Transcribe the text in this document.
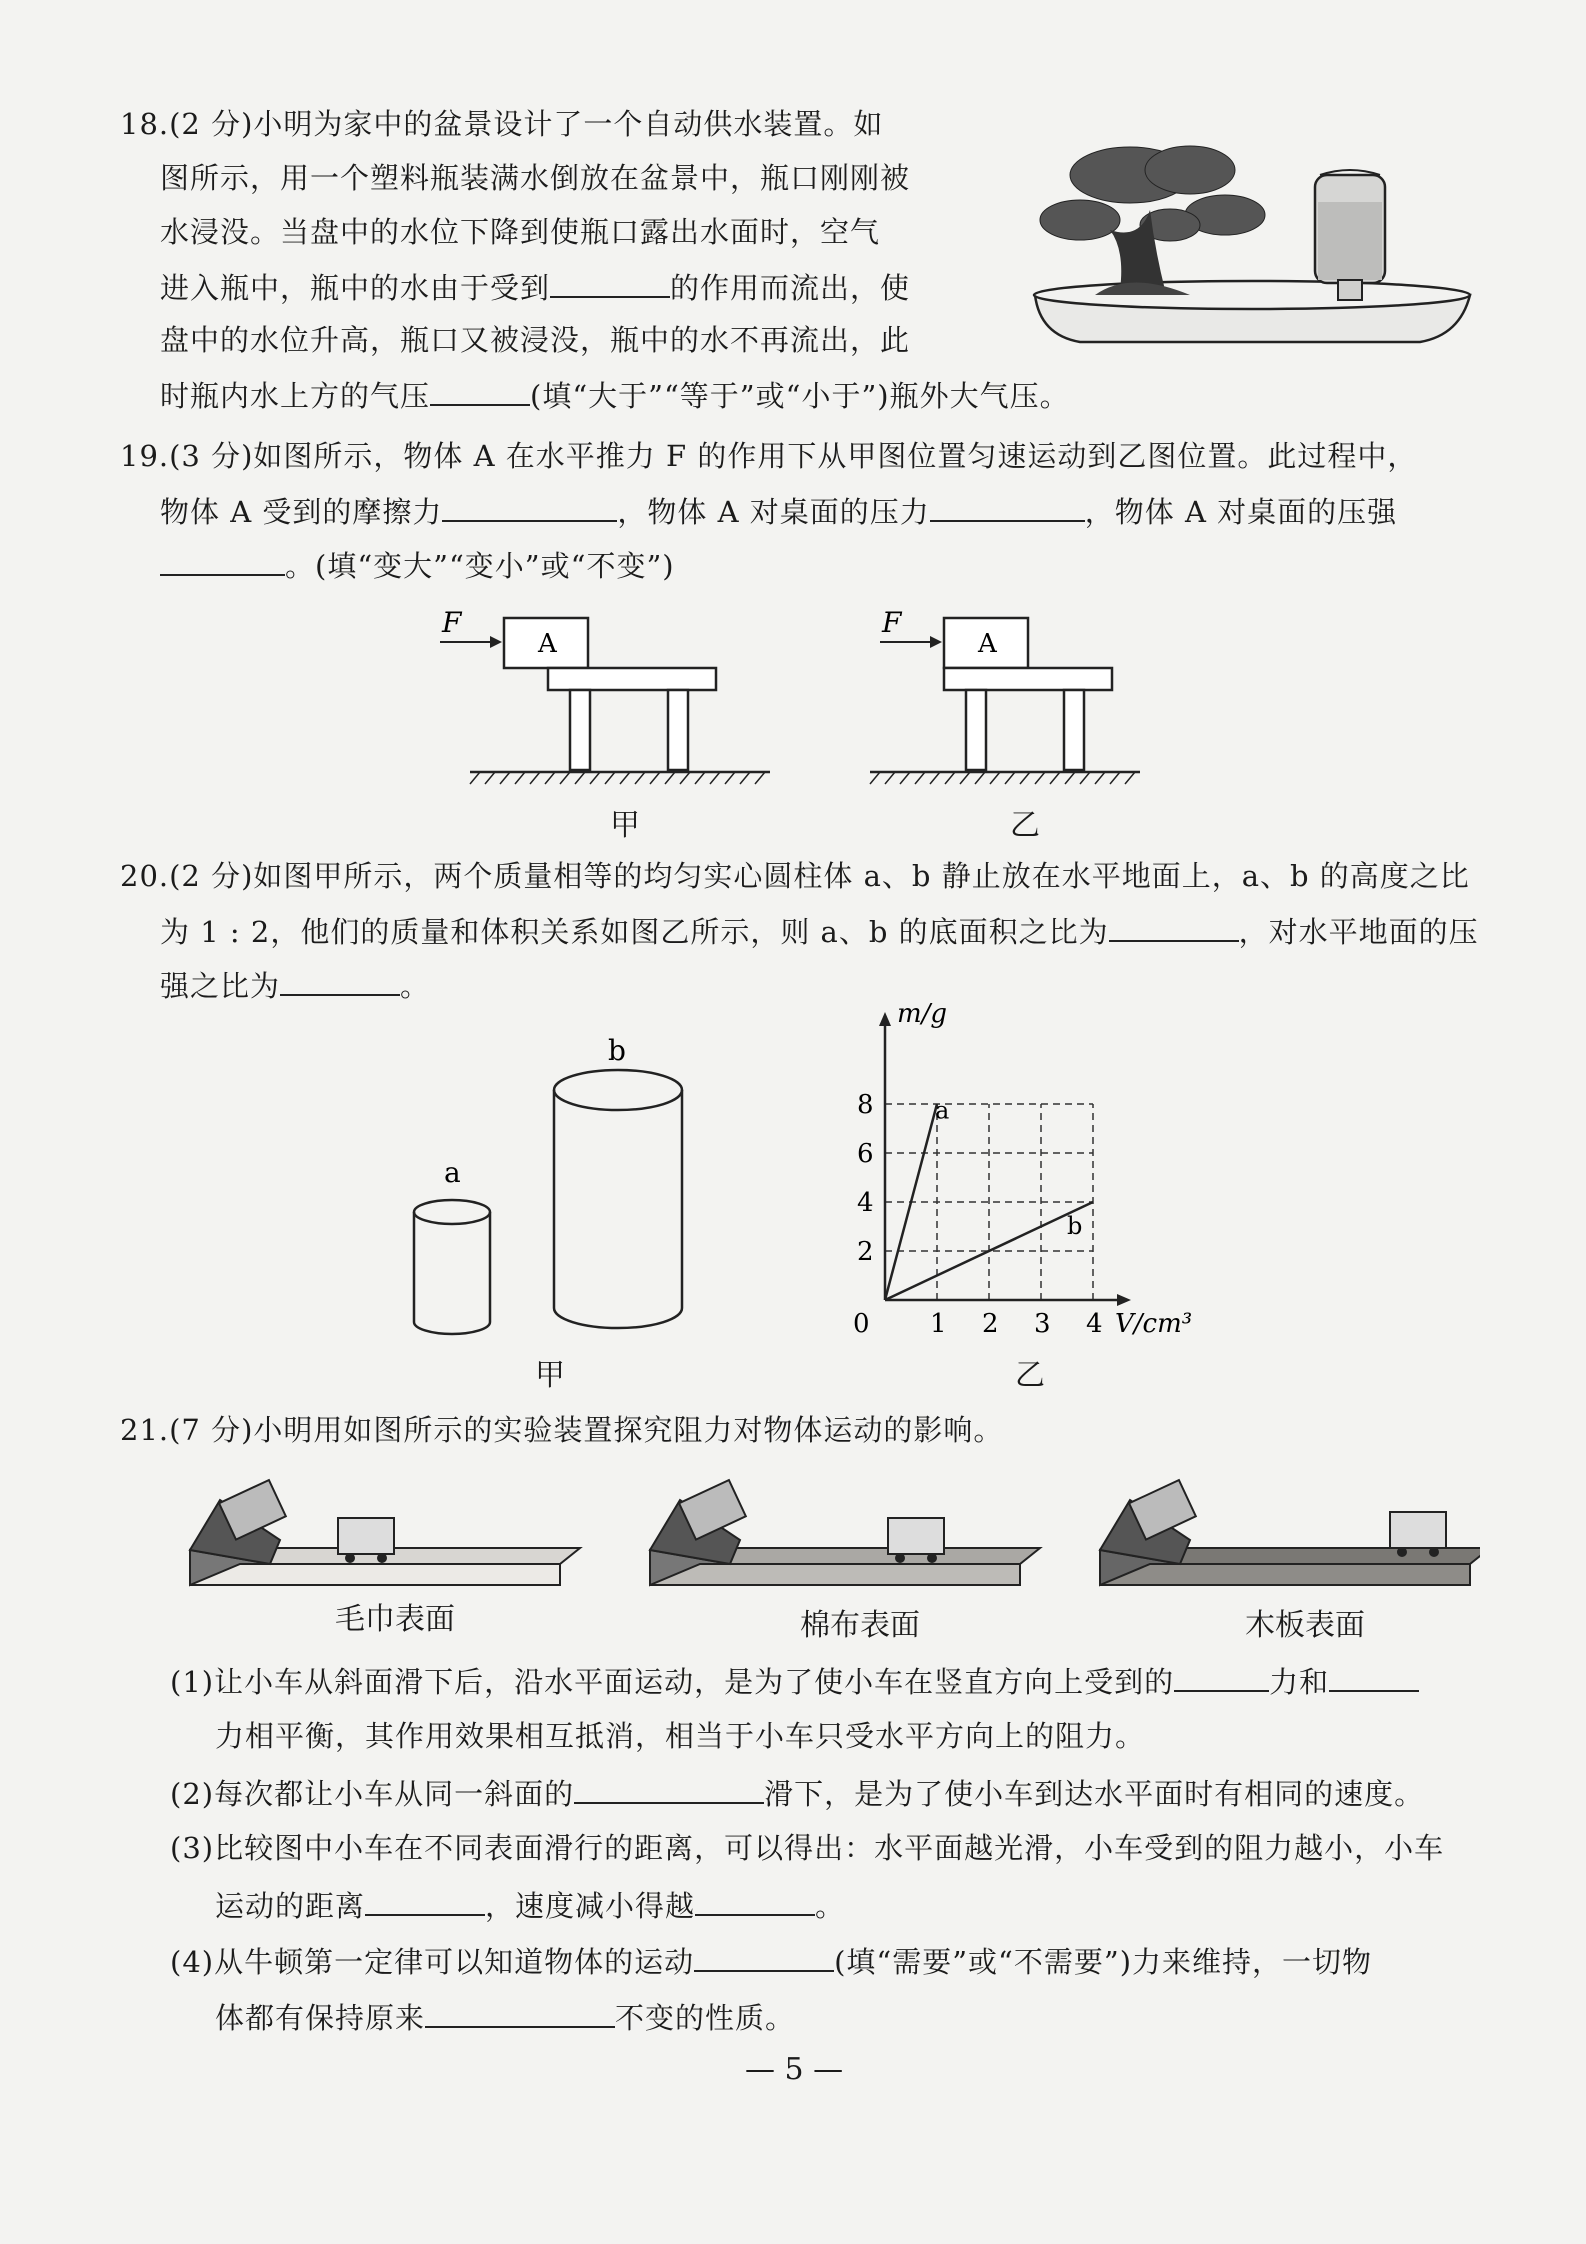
18.(2 分)小明为家中的盆景设计了一个自动供水装置。如
图所示，用一个塑料瓶装满水倒放在盆景中，瓶口刚刚被
水浸没。当盘中的水位下降到使瓶口露出水面时，空气
进入瓶中，瓶中的水由于受到	的作用而流出，使
盘中的水位升高，瓶口又被浸没，瓶中的水不再流出，此
时瓶内水上方的气压	(填“大于”“等于”或“小于”)瓶外大气压。
19.(3 分)如图所示，物体 A 在水平推力 F 的作用下从甲图位置匀速运动到乙图位置。此过程中，
物体 A 受到的摩擦力	，物体 A 对桌面的压力	，物体 A 对桌面的压强
。(填“变大”“变小”或“不变”)
F
A
甲
F
A
乙
20.(2 分)如图甲所示，两个质量相等的均匀实心圆柱体 a、b 静止放在水平地面上，a、b 的高度之比
为 1 : 2，他们的质量和体积关系如图乙所示，则 a、b 的底面积之比为	，对水平地面的压
强之比为	。
a
b
甲
1 2 3 4
2
4
6
8
0
m/g
V/cm³
a
b
乙
21.(7 分)小明用如图所示的实验装置探究阻力对物体运动的影响。
毛巾表面	棉布表面	木板表面
(1)让小车从斜面滑下后，沿水平面运动，是为了使小车在竖直方向上受到的	力和
力相平衡，其作用效果相互抵消，相当于小车只受水平方向上的阻力。
(2)每次都让小车从同一斜面的	滑下，是为了使小车到达水平面时有相同的速度。
(3)比较图中小车在不同表面滑行的距离，可以得出：水平面越光滑，小车受到的阻力越小，小车
运动的距离	，速度减小得越	。
(4)从牛顿第一定律可以知道物体的运动	(填“需要”或“不需要”)力来维持，一切物
体都有保持原来	不变的性质。
— 5 —
